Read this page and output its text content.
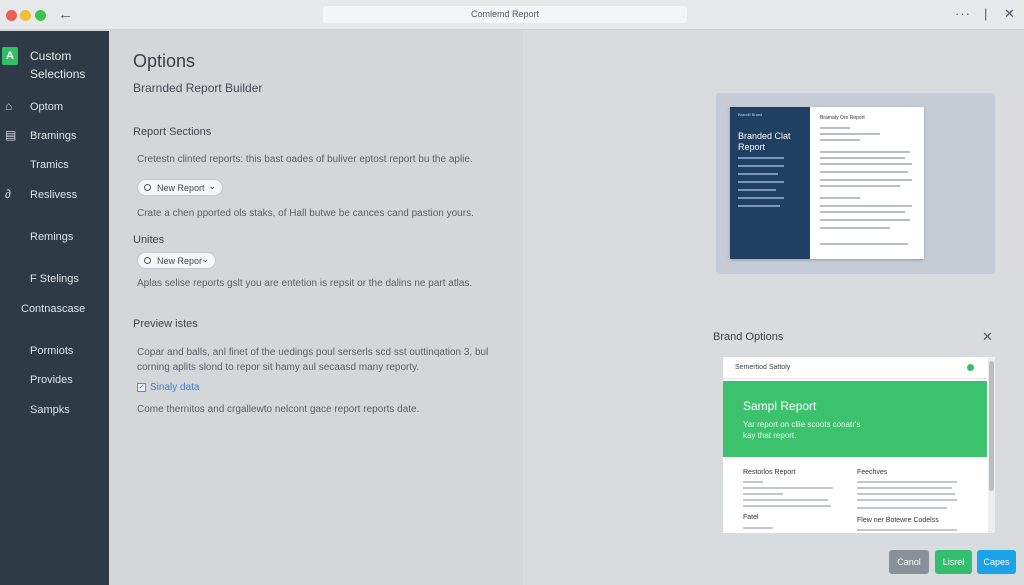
←	Comlemd Report	··· | ✕
A	Custom Selections
⌂	Optom
▤ Bramings
Tramics
∂	Reslivess
Remings
F Stelings
Contnascase
Pormiots
Provides
Sampks
Options
Brarnded Report Builder
Report Sections
Cretestn clinted reports: this bast oades of buliver eptost report bu the aplie.
New Report ⌄
Crate a chen pported ols staks, of Hall butwe be cances cand pastion yours.
Unites
New Repor ⌄
Aplas selise reports gslt you are entetion is repsit or the dalins ne part atlas.
Preview istes
Copar and balls, anl finet of the uedings poul serserls scd sst outtinqation 3, bul corning aplits slond to repor sit hamy aul secaasd many reporty.
✓ Sinaly data
Come thernitos and crgallewto nelcont gace report reports date.
Brandli Brand
Branded Clat Report
Bramaty Ore Report
Brand Options	✕
Semertiod Sattoly
Sampl Report
Yar report on cllie scoots conatr's kay that report.
Restorlos Report	Feechves
Fatel	Flew ner Botewre Codelss
Canol	Lisrel	Capes
